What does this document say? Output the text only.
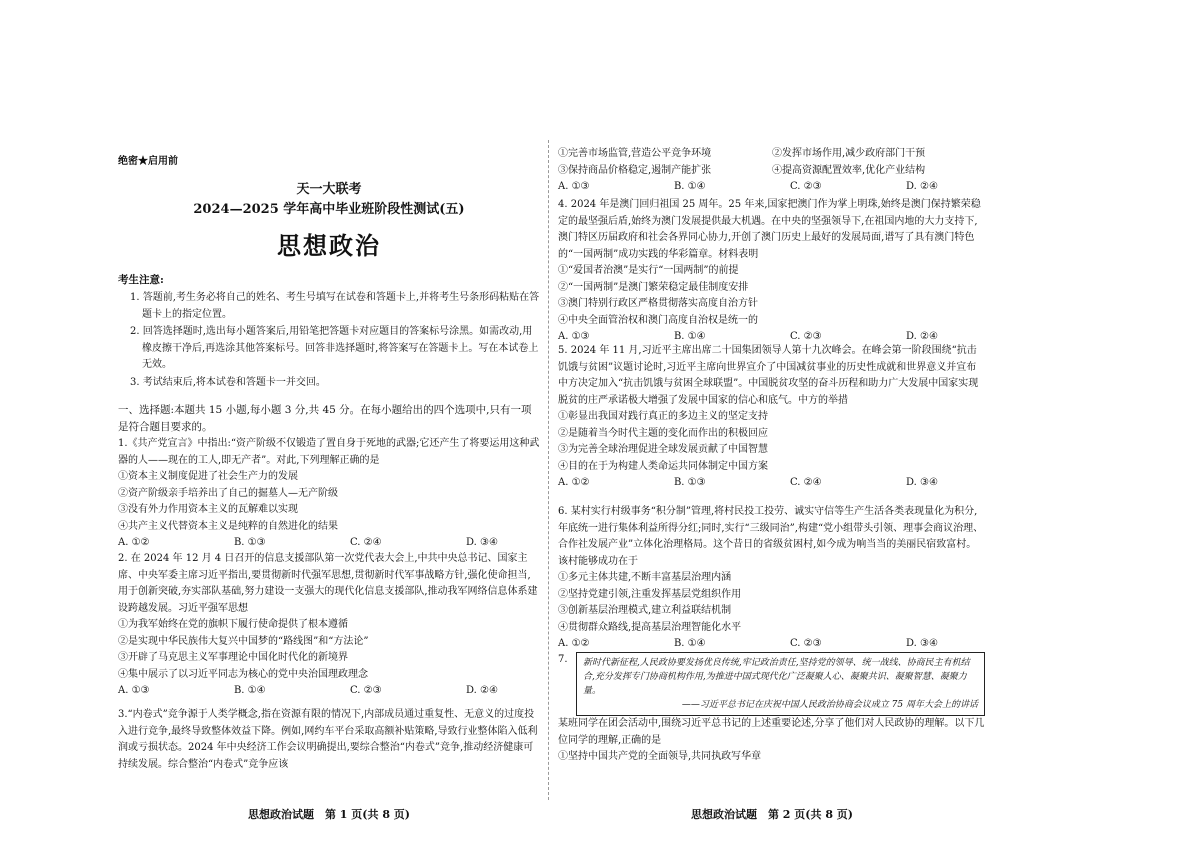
绝密★启用前
天一大联考
2024—2025 学年高中毕业班阶段性测试(五)
思想政治
考生注意:

1. 答题前,考生务必将自己的姓名、考生号填写在试卷和答题卡上,并将考生号条形码粘贴在答题卡上的指定位置。

2. 回答选择题时,选出每小题答案后,用铅笔把答题卡对应题目的答案标号涂黑。如需改动,用橡皮擦干净后,再选涂其他答案标号。回答非选择题时,将答案写在答题卡上。写在本试卷上无效。

3. 考试结束后,将本试卷和答题卡一并交回。

一、选择题:本题共 15 小题,每小题 3 分,共 45 分。在每小题给出的四个选项中,只有一项是符合题目要求的。

1.《共产党宣言》中指出:“资产阶级不仅锻造了置自身于死地的武器;它还产生了将要运用这种武器的人——现在的工人,即无产者”。对此,下列理解正确的是

①资本主义制度促进了社会生产力的发展

②资产阶级亲手培养出了自己的掘墓人—无产阶级

③没有外力作用资本主义的瓦解难以实现

④共产主义代替资本主义是纯粹的自然进化的结果

A. ①②	B. ①③	C. ②④	D. ③④

2. 在 2024 年 12 月 4 日召开的信息支援部队第一次党代表大会上,中共中央总书记、国家主席、中央军委主席习近平指出,要贯彻新时代强军思想,贯彻新时代军事战略方针,强化使命担当,用于创新突破,夯实部队基础,努力建设一支强大的现代化信息支援部队,推动我军网络信息体系建设跨越发展。习近平强军思想

①为我军始终在党的旗帜下履行使命提供了根本遵循

②是实现中华民族伟大复兴中国梦的“路线图”和“方法论”

③开辟了马克思主义军事理论中国化时代化的新境界

④集中展示了以习近平同志为核心的党中央治国理政理念

A. ①③	B. ①④	C. ②③	D. ②④

3.“内卷式”竞争源于人类学概念,指在资源有限的情况下,内部成员通过重复性、无意义的过度投入进行竞争,最终导致整体效益下降。例如,网约车平台采取高额补贴策略,导致行业整体陷入低利润或亏损状态。2024 年中央经济工作会议明确提出,要综合整治“内卷式”竞争,推动经济健康可持续发展。综合整治“内卷式”竞争应该

思想政治试题　第 1 页(共 8 页)

①完善市场监管,营造公平竞争环境	②发挥市场作用,减少政府部门干预

③保持商品价格稳定,遏制产能扩张	④提高资源配置效率,优化产业结构

A. ①③	B. ①④	C. ②③	D. ②④

4. 2024 年是澳门回归祖国 25 周年。25 年来,国家把澳门作为掌上明珠,始终是澳门保持繁荣稳定的最坚强后盾,始终为澳门发展提供最大机遇。在中央的坚强领导下,在祖国内地的大力支持下,澳门特区历届政府和社会各界同心协力,开创了澳门历史上最好的发展局面,谱写了具有澳门特色的“一国两制”成功实践的华彩篇章。材料表明

①“爱国者治澳”是实行“一国两制”的前提

②“一国两制”是澳门繁荣稳定最佳制度安排

③澳门特别行政区严格贯彻落实高度自治方针

④中央全面管治权和澳门高度自治权是统一的

A. ①③	B. ①④	C. ②③	D. ②④

5. 2024 年 11 月,习近平主席出席二十国集团领导人第十九次峰会。在峰会第一阶段围绕“抗击饥饿与贫困”议题讨论时,习近平主席向世界宣介了中国减贫事业的历史性成就和世界意义并宣布中方决定加入“抗击饥饿与贫困全球联盟”。中国脱贫攻坚的奋斗历程和助力广大发展中国家实现脱贫的庄严承诺极大增强了发展中国家的信心和底气。中方的举措

①彰显出我国对践行真正的多边主义的坚定支持

②是随着当今时代主题的变化而作出的积极回应

③为完善全球治理促进全球发展贡献了中国智慧

④目的在于为构建人类命运共同体制定中国方案

A. ①②	B. ①③	C. ②④	D. ③④

6. 某村实行村级事务“积分制”管理,将村民投工投劳、诚实守信等生产生活各类表现量化为积分,年底统一进行集体利益所得分红;同时,实行“三级同治”,构建“党小组带头引领、理事会商议治理、合作社发展产业”立体化治理格局。这个昔日的省级贫困村,如今成为响当当的美丽民宿致富村。该村能够成功在于

①多元主体共建,不断丰富基层治理内涵

②坚持党建引领,注重发挥基层党组织作用

③创新基层治理模式,建立利益联结机制

④贯彻群众路线,提高基层治理智能化水平

A. ①②	B. ①④	C. ②③	D. ③④
7.	新时代新征程,人民政协要发扬优良传统,牢记政治责任,坚持党的领导、统一战线、协商民主有机结合,充分发挥专门协商机构作用,为推进中国式现代化广泛凝聚人心、凝聚共识、凝聚智慧、凝聚力量。
——习近平总书记在庆祝中国人民政治协商会议成立 75 周年大会上的讲话

某班同学在团会活动中,围绕习近平总书记的上述重要论述,分享了他们对人民政协的理解。以下几位同学的理解,正确的是

①坚持中国共产党的全面领导,共同执政写华章

思想政治试题　第 2 页(共 8 页)
